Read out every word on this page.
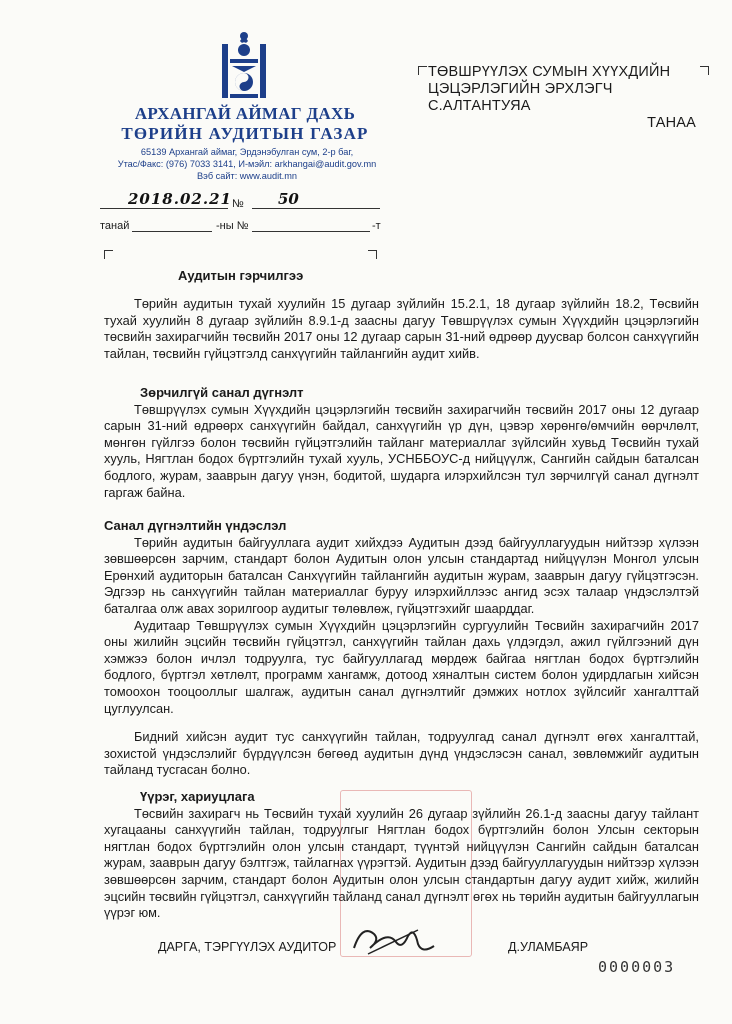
АРХАНГАЙ АЙМАГ ДАХЬ
ТӨРИЙН АУДИТЫН ГАЗАР
65139 Архангай аймаг, Эрдэнэбулган сум, 2-р баг,
Утас/Факс: (976) 7033 3141, И-мэйл: arkhangai@audit.gov.mn
Вэб сайт: www.audit.mn
2018.02.21 № 50
танай	-ны №	-т
ТӨВШРҮҮЛЭХ СУМЫН ХҮҮХДИЙН
ЦЭЦЭРЛЭГИЙН ЭРХЛЭГЧ С.АЛТАНТУЯА
ТАНАА
Аудитын гэрчилгээ

Төрийн аудитын тухай хуулийн 15 дугаар зүйлийн 15.2.1, 18 дугаар зүйлийн 18.2, Төсвийн тухай хуулийн 8 дугаар зүйлийн 8.9.1-д заасны дагуу Төвшрүүлэх сумын Хүүхдийн цэцэрлэгийн төсвийн захирагчийн төсвийн 2017 оны 12 дугаар сарын 31-ний өдрөөр дуусвар болсон санхүүгийн тайлан, төсвийн гүйцэтгэлд санхүүгийн тайлангийн аудит хийв.

Зөрчилгүй санал дүгнэлт

Төвшрүүлэх сумын Хүүхдийн цэцэрлэгийн төсвийн захирагчийн төсвийн 2017 оны 12 дугаар сарын 31-ний өдрөөрх санхүүгийн байдал, санхүүгийн үр дүн, цэвэр хөрөнгө/өмчийн өөрчлөлт, мөнгөн гүйлгээ болон төсвийн гүйцэтгэлийн тайланг материаллаг зүйлсийн хувьд Төсвийн тухай хууль, Нягтлан бодох бүртгэлийн тухай хууль, УСНББОУС-д нийцүүлж, Сангийн сайдын баталсан бодлого, журам, зааврын дагуу үнэн, бодитой, шударга илэрхийлсэн тул зөрчилгүй санал дүгнэлт гаргаж байна.

Санал дүгнэлтийн үндэслэл

Төрийн аудитын байгууллага аудит хийхдээ Аудитын дээд байгууллагуудын нийтээр хүлээн зөвшөөрсөн зарчим, стандарт болон Аудитын олон улсын стандартад нийцүүлэн Монгол улсын Ерөнхий аудиторын баталсан Санхүүгийн тайлангийн аудитын журам, зааврын дагуу гүйцэтгэсэн. Эдгээр нь санхүүгийн тайлан материаллаг буруу илэрхийллээс ангид эсэх талаар үндэслэлтэй баталгаа олж авах зорилгоор аудитыг төлөвлөж, гүйцэтгэхийг шаарддаг.

Аудитаар Төвшрүүлэх сумын Хүүхдийн цэцэрлэгийн сургуулийн Төсвийн захирагчийн 2017 оны жилийн эцсийн төсвийн гүйцэтгэл, санхүүгийн тайлан дахь үлдэгдэл, ажил гүйлгээний дүн хэмжээ болон ичлэл тодруулга, тус байгууллагад мөрдөж байгаа нягтлан бодох бүртгэлийн бодлого, бүртгэл хөтлөлт, программ хангамж, дотоод хяналтын систем болон удирдлагын хийсэн томоохон тооцооллыг шалгаж, аудитын санал дүгнэлтийг дэмжих нотлох зүйлсийг хангалттай цуглуулсан.

Бидний хийсэн аудит тус санхүүгийн тайлан, тодруулгад санал дүгнэлт өгөх хангалттай, зохистой үндэслэлийг бүрдүүлсэн бөгөөд аудитын дүнд үндэслэсэн санал, зөвлөмжийг аудитын тайланд тусгасан болно.

Үүрэг, хариуцлага

Төсвийн захирагч нь Төсвийн тухай хуулийн 26 дугаар зүйлийн 26.1-д заасны дагуу тайлант хугацааны санхүүгийн тайлан, тодруулгыг Нягтлан бодох бүртгэлийн болон Улсын секторын нягтлан бодох бүртгэлийн олон улсын стандарт, түүнтэй нийцүүлэн Сангийн сайдын баталсан журам, зааврын дагуу бэлтгэж, тайлагнах үүрэгтэй. Аудитын дээд байгууллагуудын нийтээр хүлээн зөвшөөрсөн зарчим, стандарт болон Аудитын олон улсын стандартын дагуу аудит хийж, жилийн эцсийн төсвийн гүйцэтгэл, санхүүгийн тайланд санал дүгнэлт өгөх нь төрийн аудитын байгууллагын үүрэг юм.

ДАРГА, ТЭРГҮҮЛЭХ АУДИТОР	Д.УЛАМБАЯР
0000003
